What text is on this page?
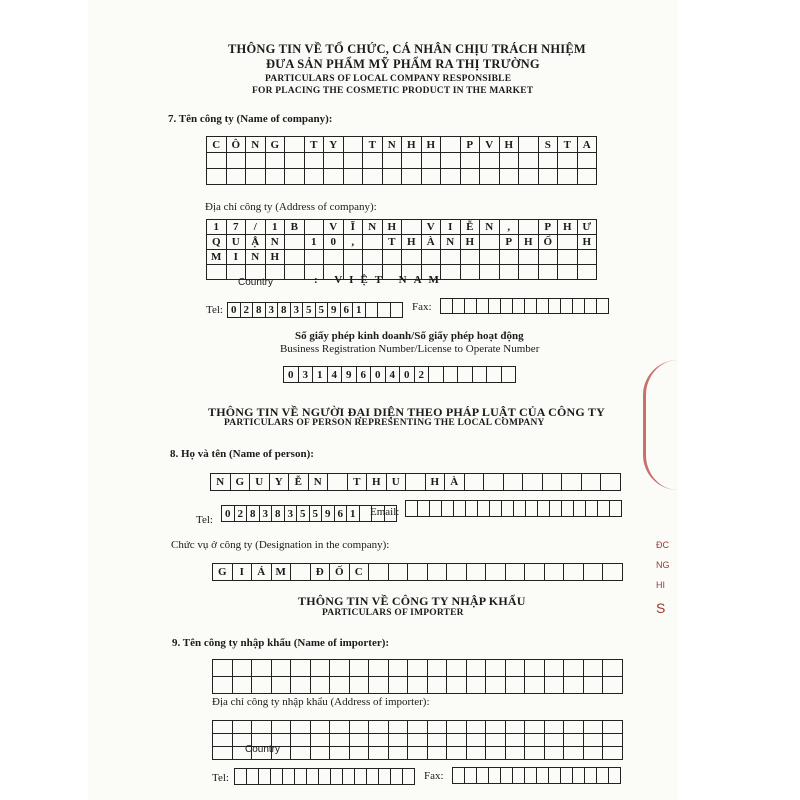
ĐC
NG
HI
S
THÔNG TIN VỀ TỔ CHỨC, CÁ NHÂN CHỊU TRÁCH NHIỆM
ĐƯA SẢN PHẨM MỸ PHẨM RA THỊ TRƯỜNG
PARTICULARS OF LOCAL COMPANY RESPONSIBLE
FOR PLACING THE COSMETIC PRODUCT IN THE MARKET
7. Tên công ty (Name of company):
C	Ô	N	G	T	Y	T	N	H H	P	V	H	S	T	A
Địa chỉ công ty (Address of company):
1	7	/	1	B	V	Ĩ	N	H	V	I	Ễ	N	,	P	H Ư
Q	U	Ậ	N	1	0	,	T	H	À	N	H	P	H Ố	H
M	I	N	H
Country	: VIỆT NAM
Tel: 0 2 8 3 8 3 5 5 9 6 1	Fax:
Số giấy phép kinh doanh/Số giấy phép hoạt động
Business Registration Number/License to Operate Number
0 3 1 4 9 6 0 4 0 2
THÔNG TIN VỀ NGƯỜI ĐẠI DIỆN THEO PHÁP LUẬT CỦA CÔNG TY
PARTICULARS OF PERSON REPRESENTING THE LOCAL COMPANY
8. Họ và tên (Name of person):
N	G	U	Y	Ễ	N	T	H	U	H	À
Tel:
0 2 8 3 8 3 5 5 9 6 1	Email:
Chức vụ ở công ty (Designation in the company):
G	I	Á M	Đ	Ố	C
THÔNG TIN VỀ CÔNG TY NHẬP KHẨU
PARTICULARS OF IMPORTER
9. Tên công ty nhập khẩu (Name of importer):
Địa chỉ công ty nhập khẩu (Address of importer):
Country
Tel:	Fax:
